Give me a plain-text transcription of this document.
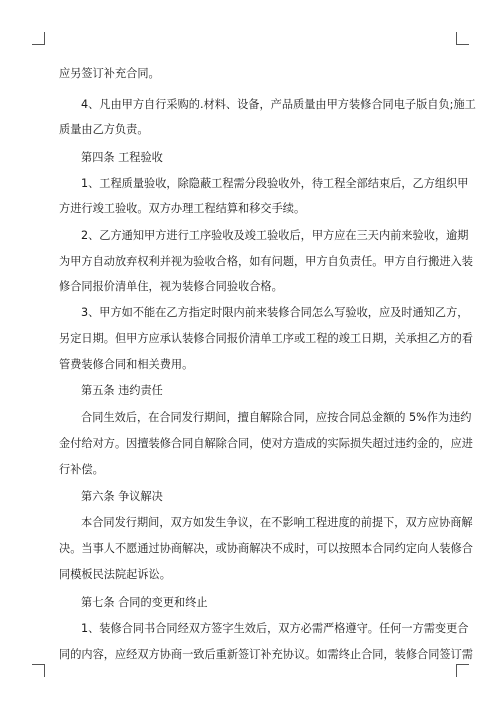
应另签订补充合同。
4、凡由甲方自行采购的.材料、设备，产品质量由甲方装修合同电子版自负;施工
质量由乙方负责。
第四条 工程验收
1、工程质量验收，除隐蔽工程需分段验收外，待工程全部结束后，乙方组织甲
方进行竣工验收。双方办理工程结算和移交手续。
2、乙方通知甲方进行工序验收及竣工验收后，甲方应在三天内前来验收，逾期
为甲方自动放弃权利并视为验收合格，如有问题，甲方自负责任。甲方自行搬进入装
修合同报价清单住，视为装修合同验收合格。
3、甲方如不能在乙方指定时限内前来装修合同怎么写验收，应及时通知乙方，
另定日期。但甲方应承认装修合同报价清单工序或工程的竣工日期，关承担乙方的看
管费装修合同和相关费用。
第五条 违约责任
合同生效后，在合同发行期间，擅自解除合同，应按合同总金额的 5%作为违约
金付给对方。因擅装修合同自解除合同，使对方造成的实际损失超过违约金的，应进
行补偿。
第六条 争议解决
本合同发行期间，双方如发生争议，在不影响工程进度的前提下，双方应协商解
决。当事人不愿通过协商解决，或协商解决不成时，可以按照本合同约定向人装修合
同模板民法院起诉讼。
第七条 合同的变更和终止
1、装修合同书合同经双方签字生效后，双方必需严格遵守。任何一方需变更合
同的内容，应经双方协商一致后重新签订补充协议。如需终止合同，装修合同签订需
